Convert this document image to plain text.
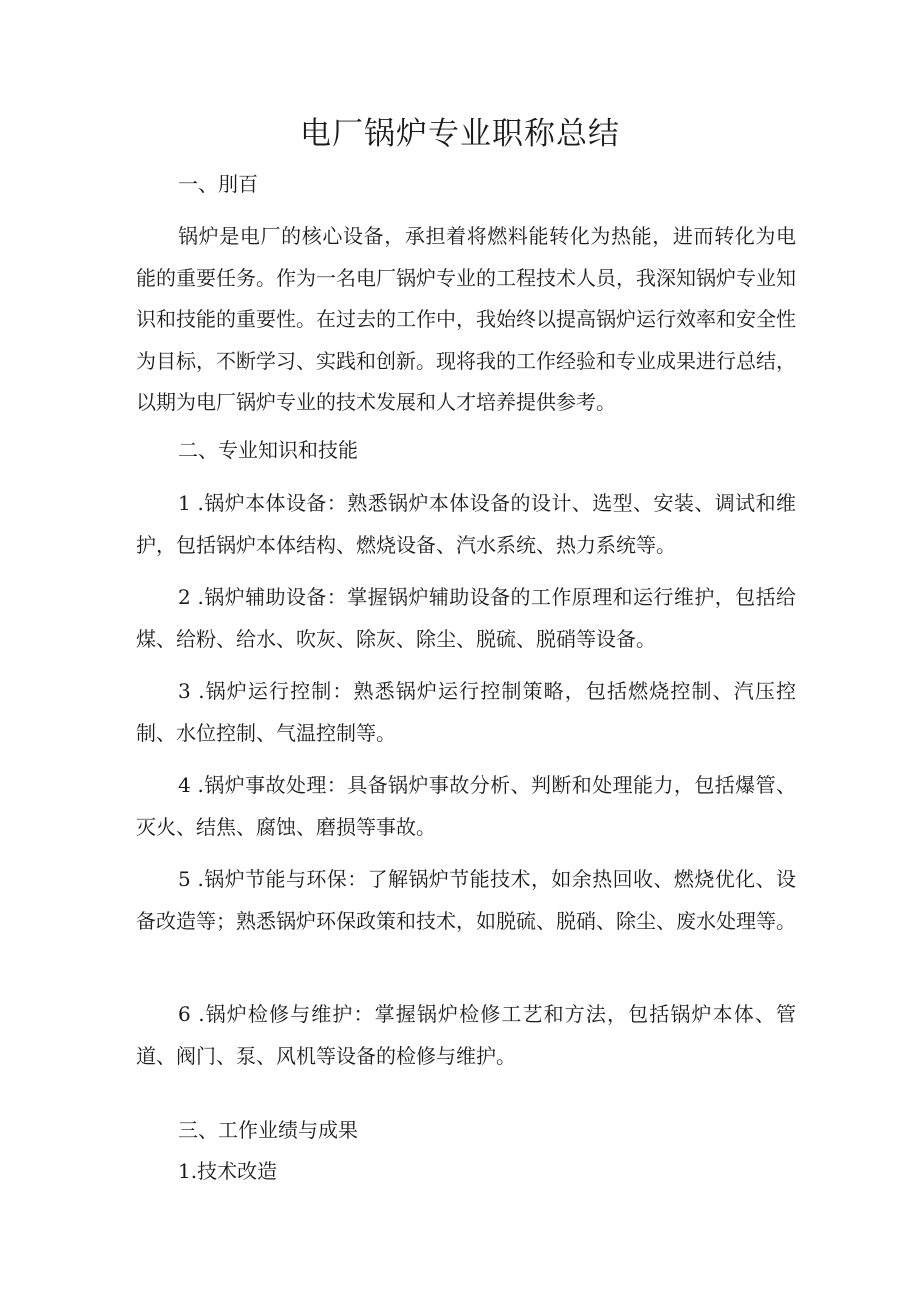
电厂锅炉专业职称总结

一、刖百

锅炉是电厂的核心设备，承担着将燃料能转化为热能，进而转化为电能的重要任务。作为一名电厂锅炉专业的工程技术人员，我深知锅炉专业知识和技能的重要性。在过去的工作中，我始终以提高锅炉运行效率和安全性为目标，不断学习、实践和创新。现将我的工作经验和专业成果进行总结，以期为电厂锅炉专业的技术发展和人才培养提供参考。

二、专业知识和技能

1 .锅炉本体设备：熟悉锅炉本体设备的设计、选型、安装、调试和维护，包括锅炉本体结构、燃烧设备、汽水系统、热力系统等。

2 .锅炉辅助设备：掌握锅炉辅助设备的工作原理和运行维护，包括给煤、给粉、给水、吹灰、除灰、除尘、脱硫、脱硝等设备。

3 .锅炉运行控制：熟悉锅炉运行控制策略，包括燃烧控制、汽压控制、水位控制、气温控制等。

4 .锅炉事故处理：具备锅炉事故分析、判断和处理能力，包括爆管、灭火、结焦、腐蚀、磨损等事故。

5 .锅炉节能与环保：了解锅炉节能技术，如余热回收、燃烧优化、设备改造等；熟悉锅炉环保政策和技术，如脱硫、脱硝、除尘、废水处理等。

6 .锅炉检修与维护：掌握锅炉检修工艺和方法，包括锅炉本体、管道、阀门、泵、风机等设备的检修与维护。

三、工作业绩与成果

1.技术改造
